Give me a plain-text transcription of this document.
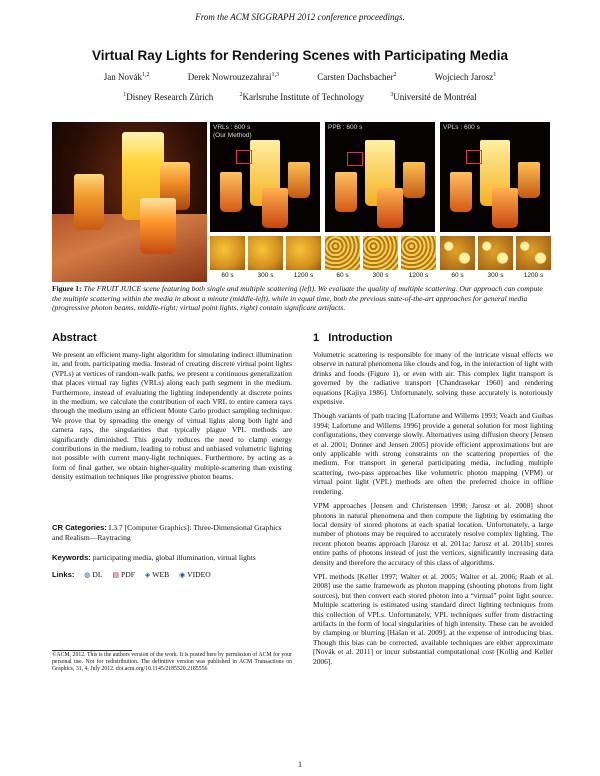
From the ACM SIGGRAPH 2012 conference proceedings.
Virtual Ray Lights for Rendering Scenes with Participating Media
Jan Novák$^{1,2}$	Derek Nowrouzezahrai$^{1,3}$	Carsten Dachsbacher$^2$	Wojciech Jarosz$^1$
$^1$Disney Research Zürich	$^2$Karlsruhe Institute of Technology	$^3$Université de Montréal
VRLs : 600 s
(Our Method)
PPB : 600 s	VPLs : 600 s
60 s	300 s	1200 s	60 s	300 s	1200 s	60 s	300 s	1200 s
Figure 1: The FRUIT JUICE scene featuring both single and multiple scattering (left). We evaluate the quality of multiple scattering. Our approach can compute the multiple scattering within the media in about a minute (middle-left), while in equal time, both the previous state-of-the-art approaches for general media (progressive photon beams, middle-right; virtual point lights, right) contain significant artifacts.
Abstract
We present an efficient many-light algorithm for simulating indirect illumination in, and from, participating media. Instead of creating discrete virtual point lights (VPLs) at vertices of random-walk paths, we present a continuous generalization that places virtual ray lights (VRLs) along each path segment in the medium. Furthermore, instead of evaluating the lighting independently at discrete points in the medium, we calculate the contribution of each VRL to entire camera rays through the medium using an efficient Monte Carlo product sampling technique. We prove that by spreading the energy of virtual lights along both light and camera rays, the singularities that typically plague VPL methods are significantly diminished. This greatly reduces the need to clamp energy contributions in the medium, leading to robust and unbiased volumetric lighting not possible with current many-light techniques. Furthermore, by acting as a form of final gather, we obtain higher-quality multiple-scattering than existing density estimation techniques like progressive photon beams.
CR Categories: I.3.7 [Computer Graphics]: Three-Dimensional Graphics and Realism—Raytracing
Keywords: participating media, global illumination, virtual lights
Links: ◍ DL ▤ PDF ◈ WEB ◉ VIDEO
©ACM, 2012. This is the authors version of the work. It is posted here by permission of ACM for your personal use. Not for redistribution. The definitive version was published in ACM Transactions on Graphics, 31, 4, July 2012. doi.acm.org/10.1145/2185520.2185556
1 Introduction

Volumetric scattering is responsible for many of the intricate visual effects we observe in natural phenomena like clouds and fog, in the interaction of light with drinks and foods (Figure 1), or even with air. This complex light transport is governed by the radiative transport [Chandrasekar 1960] and rendering equations [Kajiya 1986]. Unfortunately, solving these accurately is notoriously expensive.

Though variants of path tracing [Lafortune and Willems 1993; Veach and Guibas 1994; Lafortune and Willems 1996] provide a general solution for most lighting configurations, they converge slowly. Alternatives using diffusion theory [Jensen et al. 2001; Donner and Jensen 2005] provide efficient approximations but are only applicable with strong constraints on the scattering properties of the medium. For transport in general participating media, including multiple scattering, two-pass approaches like volumetric photon mapping (VPM) or virtual point light (VPL) methods are often the preferred choice in offline rendering.

VPM approaches [Jensen and Christensen 1998; Jarosz et al. 2008] shoot photons in natural phenomena and then compute the lighting by estimating the local density of stored photons at each spatial location. Unfortunately, a large number of photons may be required to accurately resolve complex lighting. The recent photon beams approach [Jarosz et al. 2011a; Jarosz et al. 2011b] stores entire paths of photons instead of just the vertices, significantly increasing data density and therefore the accuracy of this class of algorithms.

VPL methods [Keller 1997; Walter et al. 2005; Walter et al. 2006; Raab et al. 2008] use the same framework as photon mapping (shooting photons from light sources), but then convert each stored photon into a “virtual” point light source. Multiple scattering is estimated using standard direct lighting techniques from this collection of VPLs. Unfortunately, VPL techniques suffer from distracting artifacts in the form of local singularities of high intensity. These can be avoided by clamping or blurring [Hašan et al. 2009], at the expense of introducing bias. Though this bias can be corrected, available techniques are either approximate [Novák et al. 2011] or incur substantial computational cost [Kollig and Keller 2006].

1
